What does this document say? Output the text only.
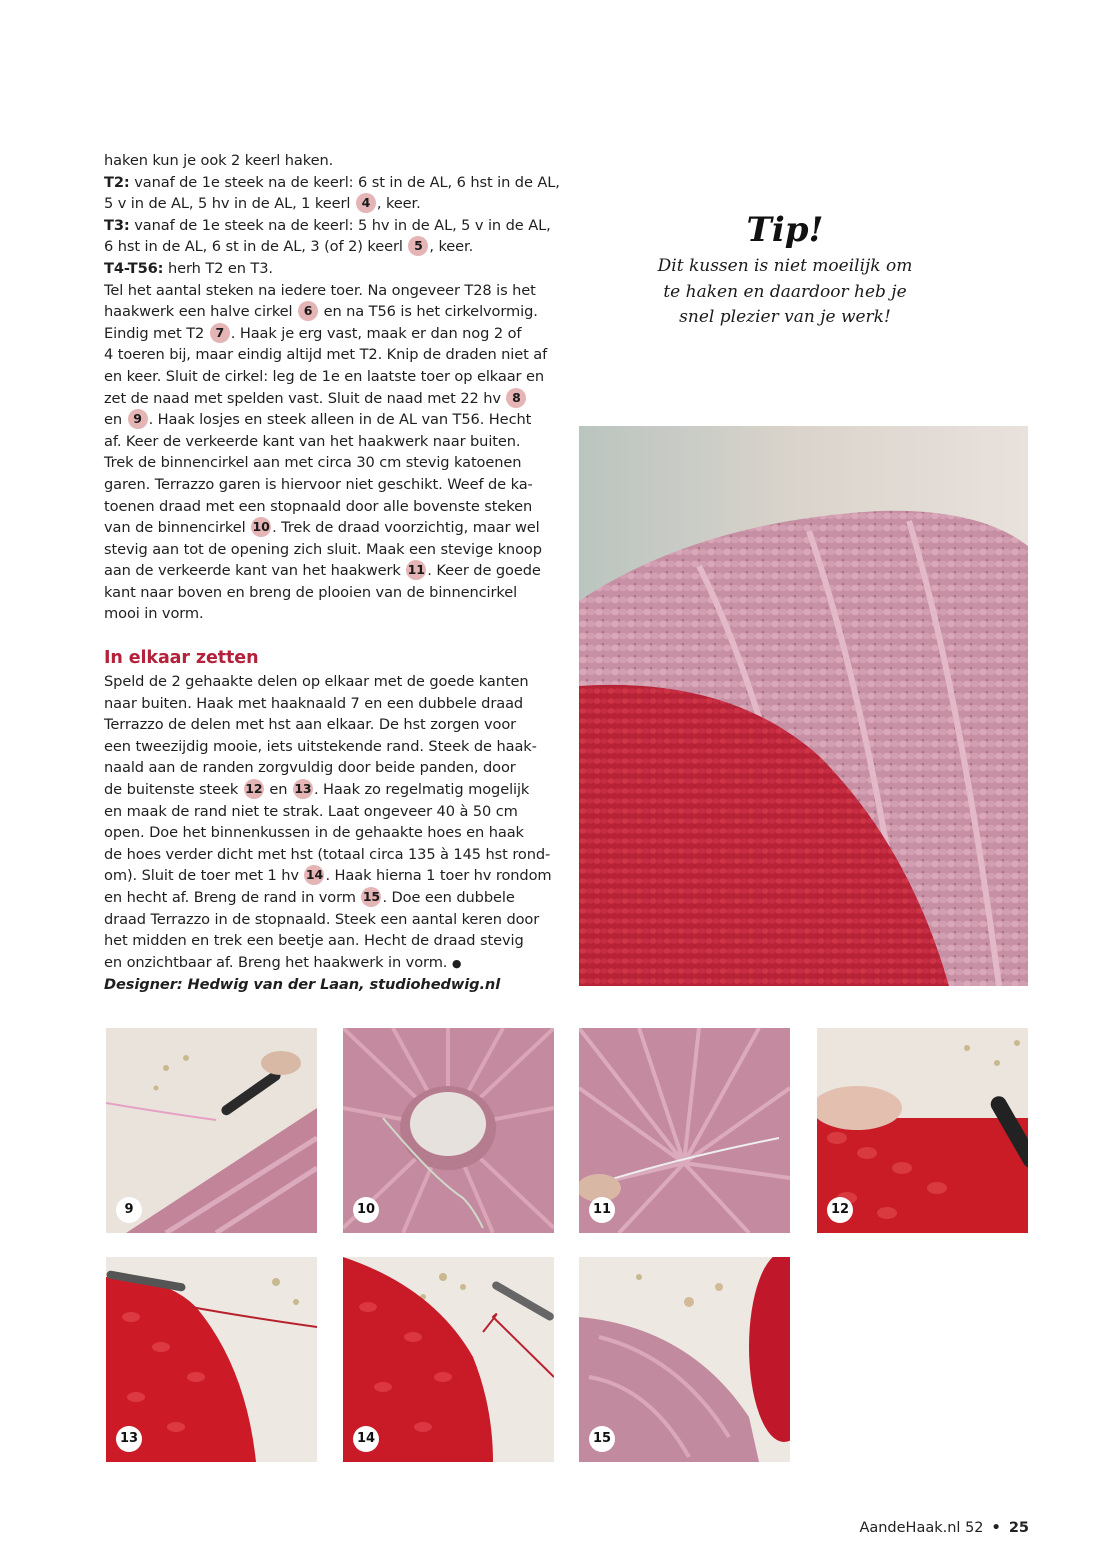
haken kun je ook 2 keerl haken.
T2: vanaf de 1e steek na de keerl: 6 st in de AL, 6 hst in de AL,
5 v in de AL, 5 hv in de AL, 1 keerl 4 , keer.
T3: vanaf de 1e steek na de keerl: 5 hv in de AL, 5 v in de AL,
6 hst in de AL, 6 st in de AL, 3 (of 2) keerl 5 , keer.
T4-T56: herh T2 en T3.
Tel het aantal steken na iedere toer. Na ongeveer T28 is het
haakwerk een halve cirkel 6 en na T56 is het cirkelvormig.
Eindig met T2 7 . Haak je erg vast, maak er dan nog 2 of
4 toeren bij, maar eindig altijd met T2. Knip de draden niet af
en keer. Sluit de cirkel: leg de 1e en laatste toer op elkaar en
zet de naad met spelden vast. Sluit de naad met 22 hv 8
en 9 . Haak losjes en steek alleen in de AL van T56. Hecht
af. Keer de verkeerde kant van het haakwerk naar buiten.
Trek de binnencirkel aan met circa 30 cm stevig katoenen
garen. Terrazzo garen is hiervoor niet geschikt. Weef de ka-
toenen draad met een stopnaald door alle bovenste steken
van de binnencirkel 10 . Trek de draad voorzichtig, maar wel
stevig aan tot de opening zich sluit. Maak een stevige knoop
aan de verkeerde kant van het haakwerk 11 . Keer de goede
kant naar boven en breng de plooien van de binnencirkel
mooi in vorm.

In elkaar zetten

Speld de 2 gehaakte delen op elkaar met de goede kanten
naar buiten. Haak met haaknaald 7 en een dubbele draad
Terrazzo de delen met hst aan elkaar. De hst zorgen voor
een tweezijdig mooie, iets uitstekende rand. Steek de haak-
naald aan de randen zorgvuldig door beide panden, door
de buitenste steek 12 en 13 . Haak zo regelmatig mogelijk
en maak de rand niet te strak. Laat ongeveer 40 à 50 cm
open. Doe het binnenkussen in de gehaakte hoes en haak
de hoes verder dicht met hst (totaal circa 135 à 145 hst rond-
om). Sluit de toer met 1 hv 14 . Haak hierna 1 toer hv rondom
en hecht af. Breng de rand in vorm 15 . Doe een dubbele
draad Terrazzo in de stopnaald. Steek een aantal keren door
het midden en trek een beetje aan. Hecht de draad stevig
en onzichtbaar af. Breng het haakwerk in vorm. ●
Designer: Hedwig van der Laan, studiohedwig.nl

Tip!
Dit kussen is niet moeilijk om
te haken en daardoor heb je
snel plezier van je werk!
9	10	11	12
13	14	15
AandeHaak.nl 52 • 25
